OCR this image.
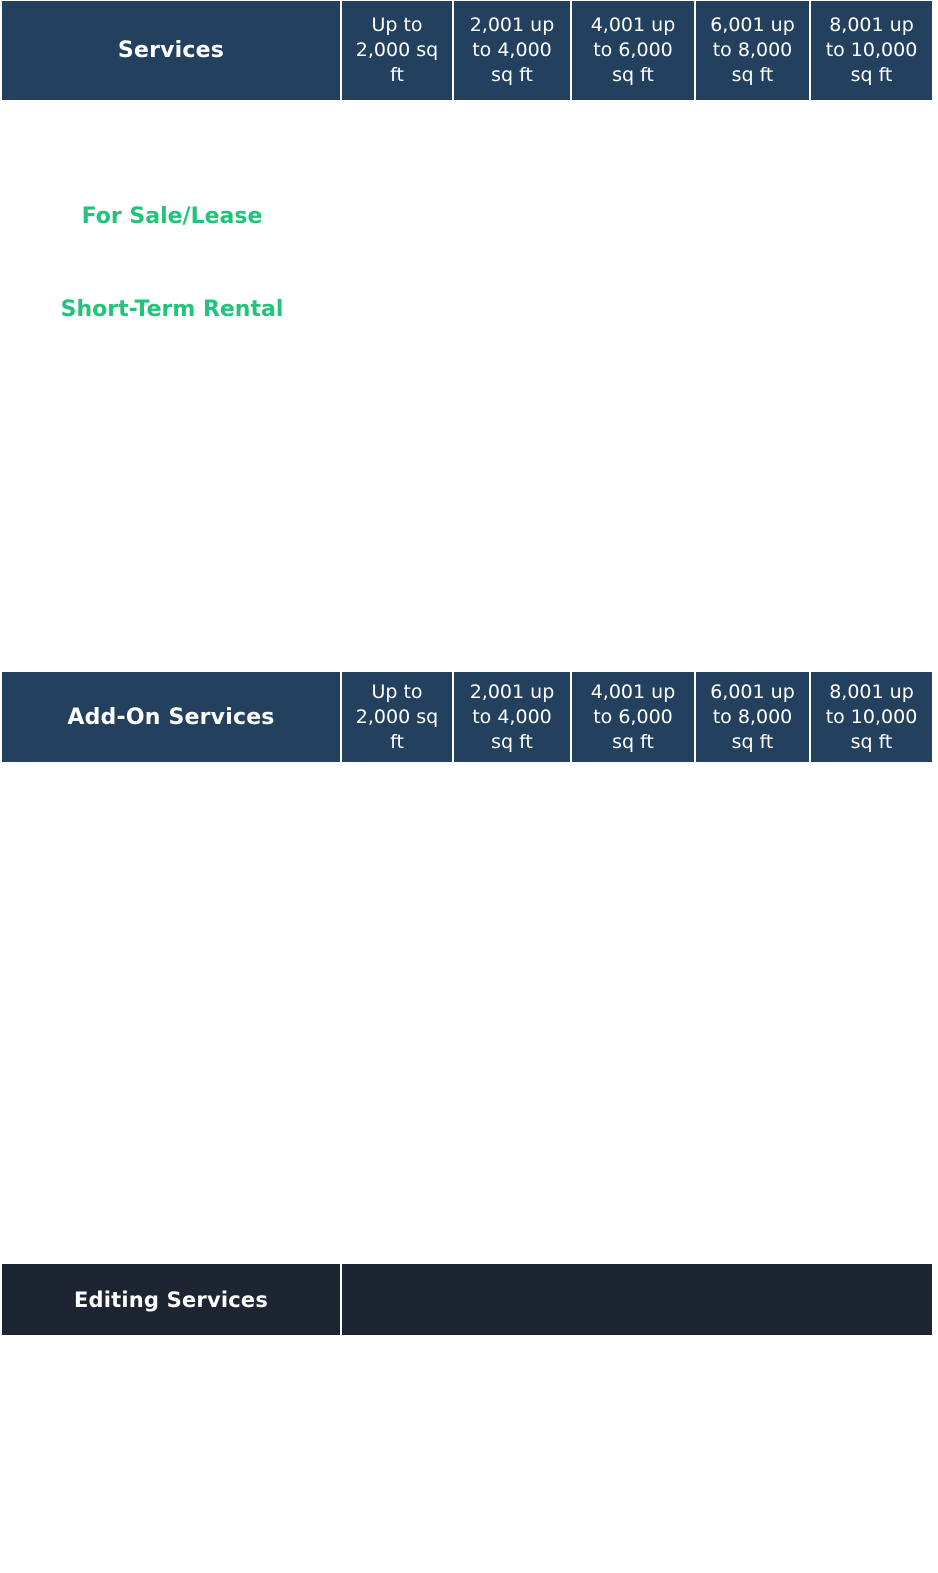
Services
Up to
2,000 sq
ft
2,001 up
to 4,000
sq ft
4,001 up
to 6,000
sq ft
6,001 up
to 8,000
sq ft
8,001 up
to 10,000
sq ft
For Sale/Lease
Short-Term Rental
Add-On Services
Up to
2,000 sq
ft
2,001 up
to 4,000
sq ft
4,001 up
to 6,000
sq ft
6,001 up
to 8,000
sq ft
8,001 up
to 10,000
sq ft
Editing Services
